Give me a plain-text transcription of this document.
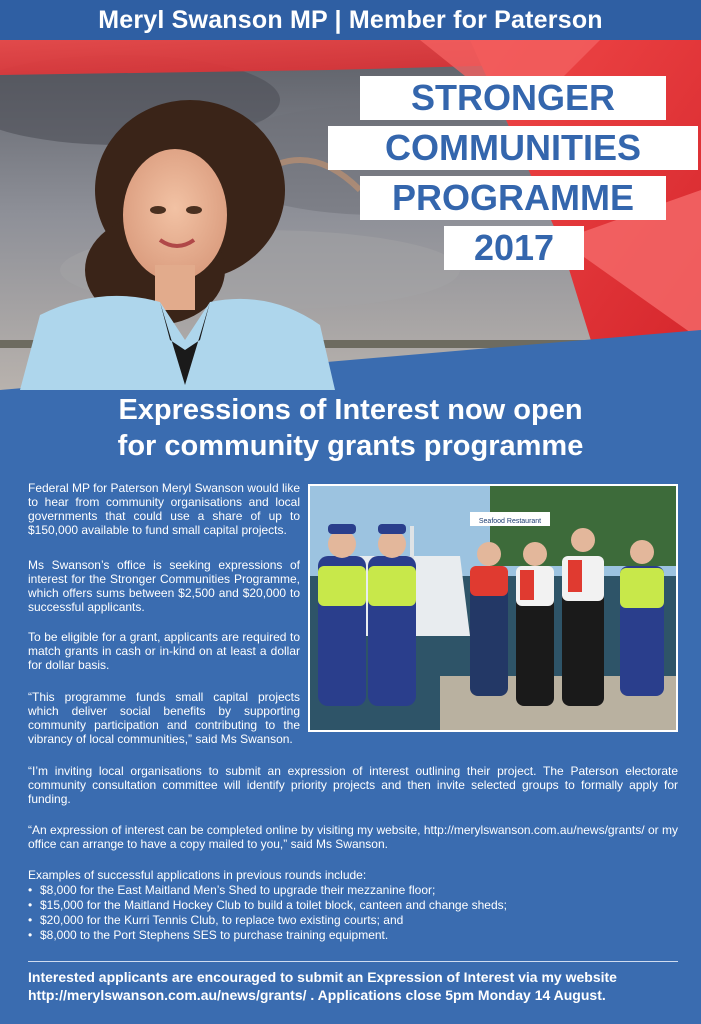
Meryl Swanson MP | Member for Paterson
STRONGER
COMMUNITIES
PROGRAMME
2017
Expressions of Interest now open
for community grants programme

Federal MP for Paterson Meryl Swanson would like to hear from community organisations and local governments that could use a share of up to $150,000 available to fund small capital projects.

Ms Swanson’s office is seeking expressions of interest for the Stronger Communities Programme, which offers sums between $2,500 and $20,000 to successful applicants.

To be eligible for a grant, applicants are required to match grants in cash or in-kind on at least a dollar for dollar basis.

“This programme funds small capital projects which deliver social benefits by supporting community participation and contributing to the vibrancy of local communities,” said Ms Swanson.

Seafood Restaurant

“I’m inviting local organisations to submit an expression of interest outlining their project. The Paterson electorate community consultation committee will identify priority projects and then invite selected groups to formally apply for funding.

“An expression of interest can be completed online by visiting my website, http://merylswanson.com.au/news/grants/ or my office can arrange to have a copy mailed to you,” said Ms Swanson.

Examples of successful applications in previous rounds include:
• $8,000 for the East Maitland Men’s Shed to upgrade their mezzanine floor;
• $15,000 for the Maitland Hockey Club to build a toilet block, canteen and change sheds;
• $20,000 for the Kurri Tennis Club, to replace two existing courts; and
• $8,000 to the Port Stephens SES to purchase training equipment.
Interested applicants are encouraged to submit an Expression of Interest via my website
http://merylswanson.com.au/news/grants/ . Applications close 5pm Monday 14 August.
